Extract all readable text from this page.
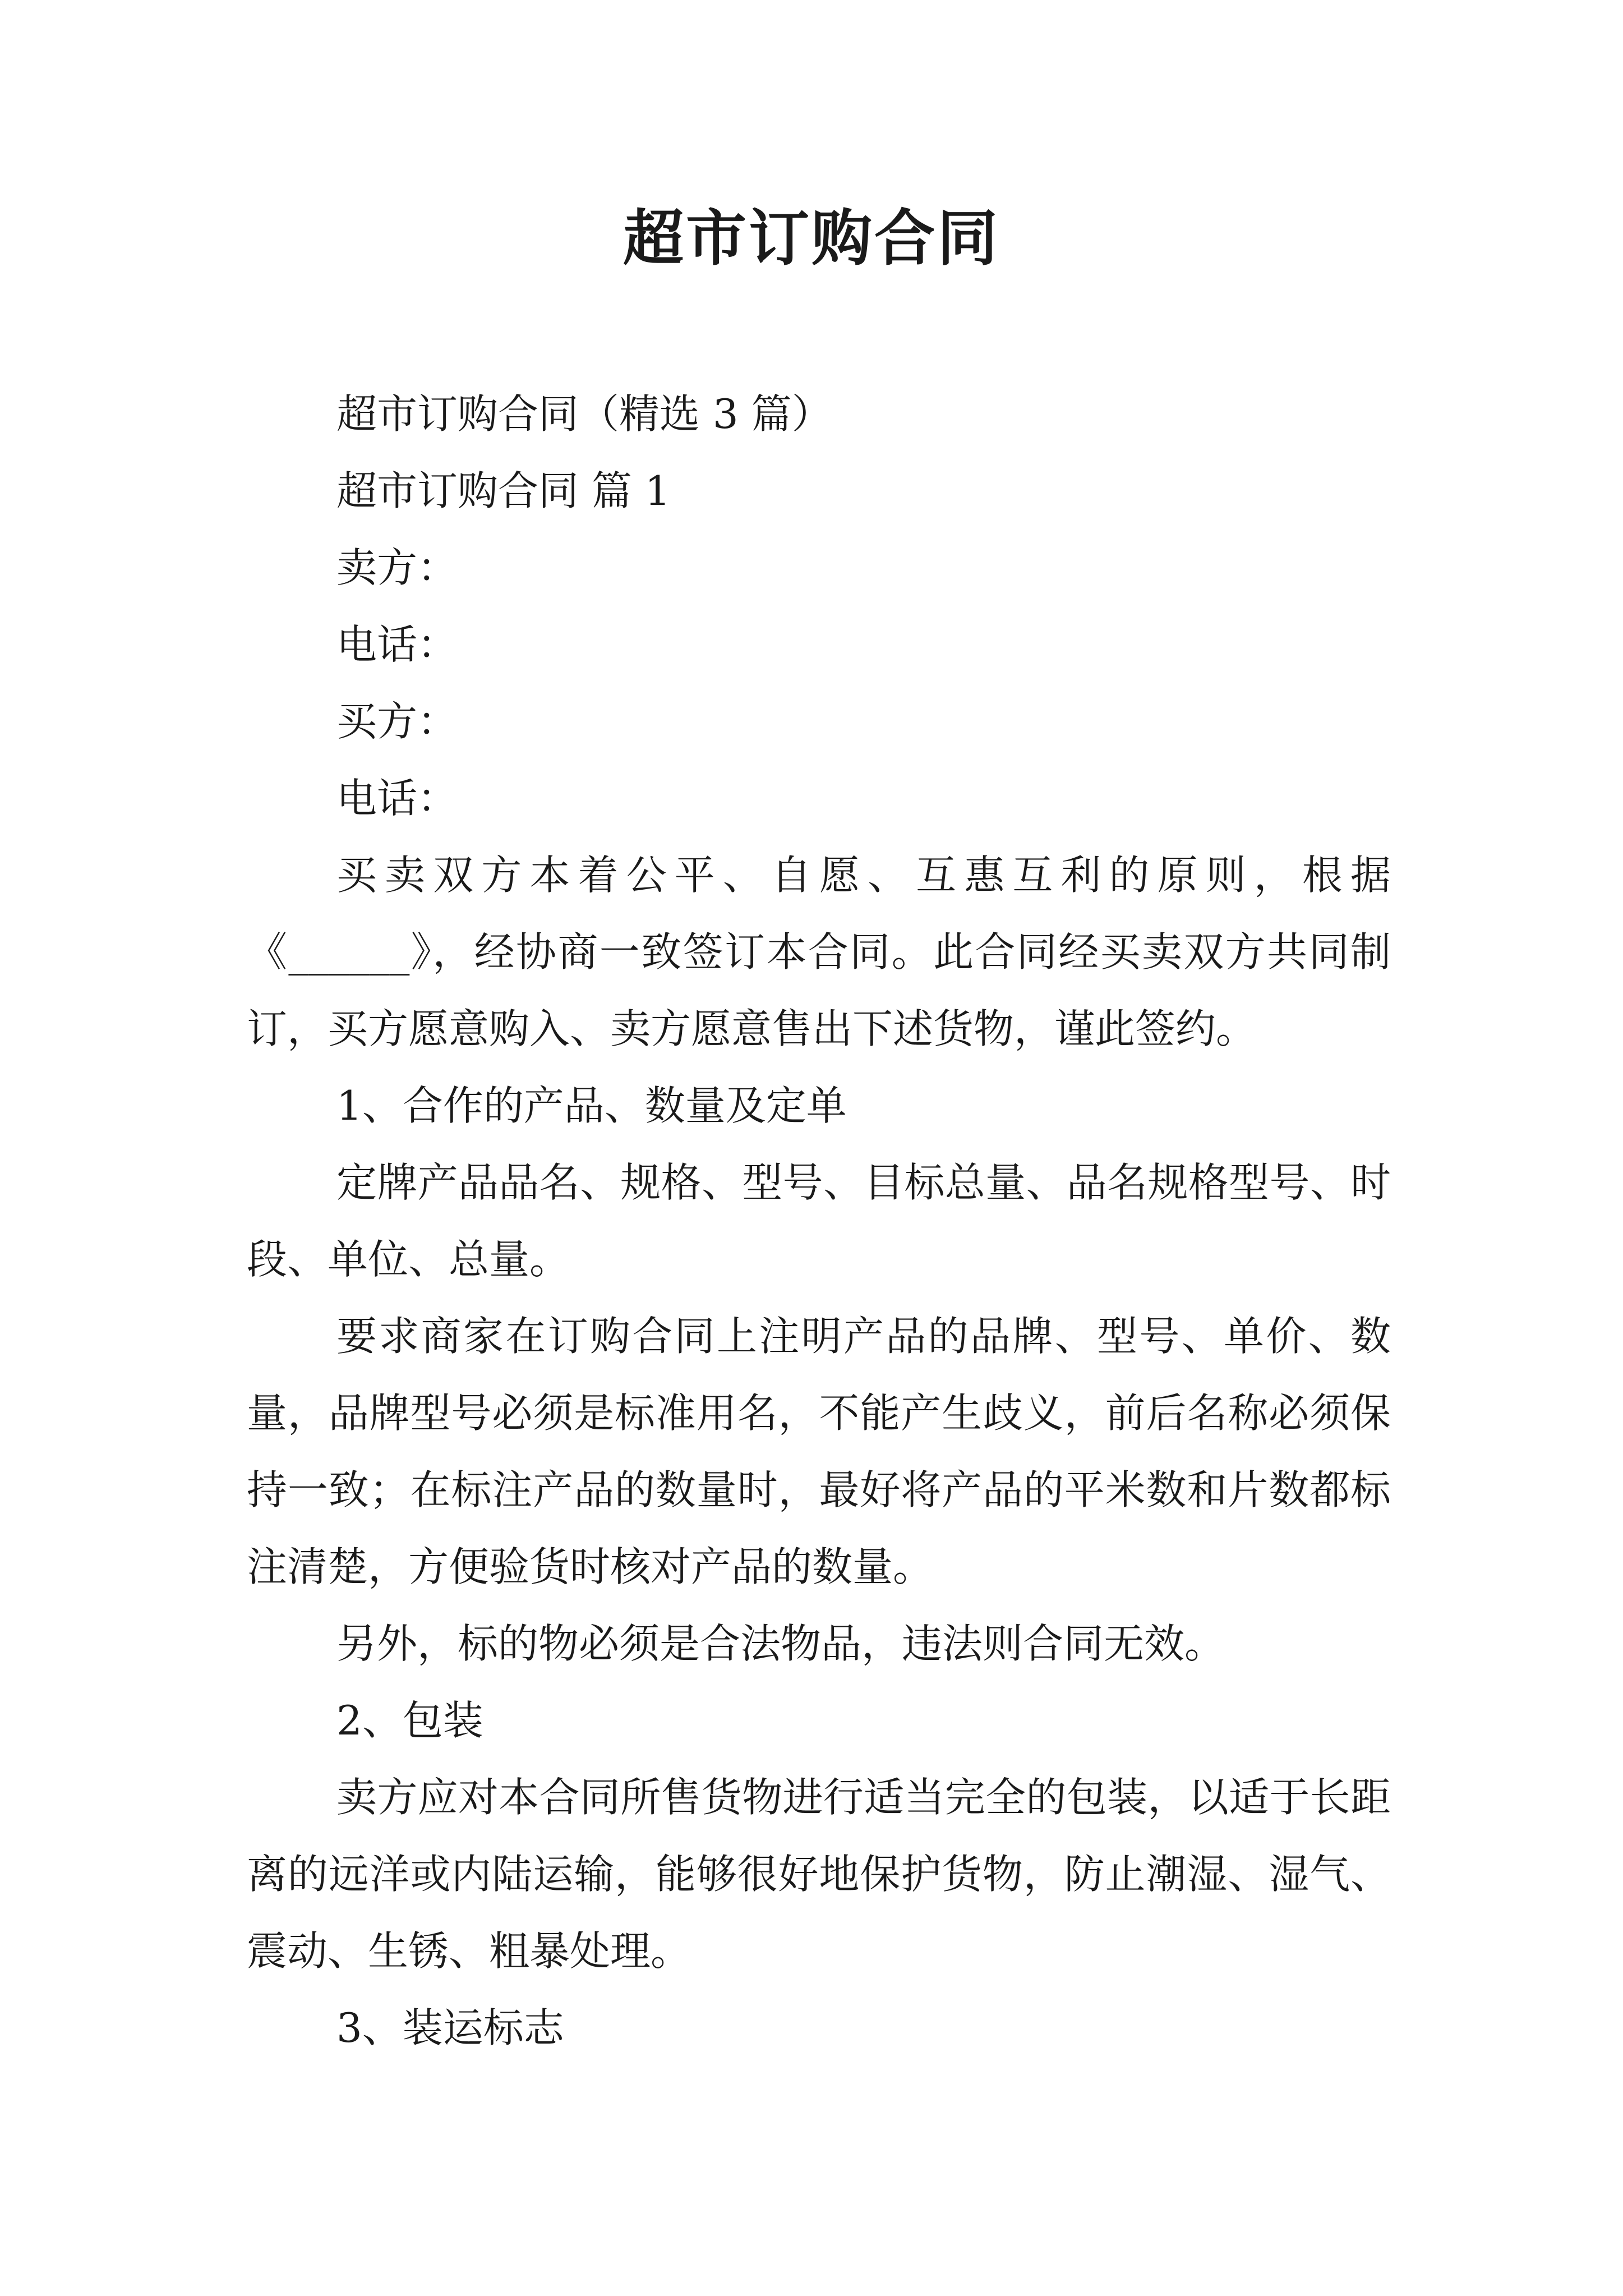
超市订购合同

超市订购合同（精选 3 篇）

超市订购合同 篇 1

卖方：

电话：

买方：

电话：

买卖双方本着公平、自愿、互惠互利的原则，根据《______》，经协商一致签订本合同。此合同经买卖双方共同制订，买方愿意购入、卖方愿意售出下述货物，谨此签约。

1、合作的产品、数量及定单

定牌产品品名、规格、型号、目标总量、品名规格型号、时段、单位、总量。

要求商家在订购合同上注明产品的品牌、型号、单价、数量，品牌型号必须是标准用名，不能产生歧义，前后名称必须保持一致；在标注产品的数量时，最好将产品的平米数和片数都标注清楚，方便验货时核对产品的数量。

另外，标的物必须是合法物品，违法则合同无效。

2、包装

卖方应对本合同所售货物进行适当完全的包装，以适于长距离的远洋或内陆运输，能够很好地保护货物，防止潮湿、湿气、震动、生锈、粗暴处理。

3、装运标志
